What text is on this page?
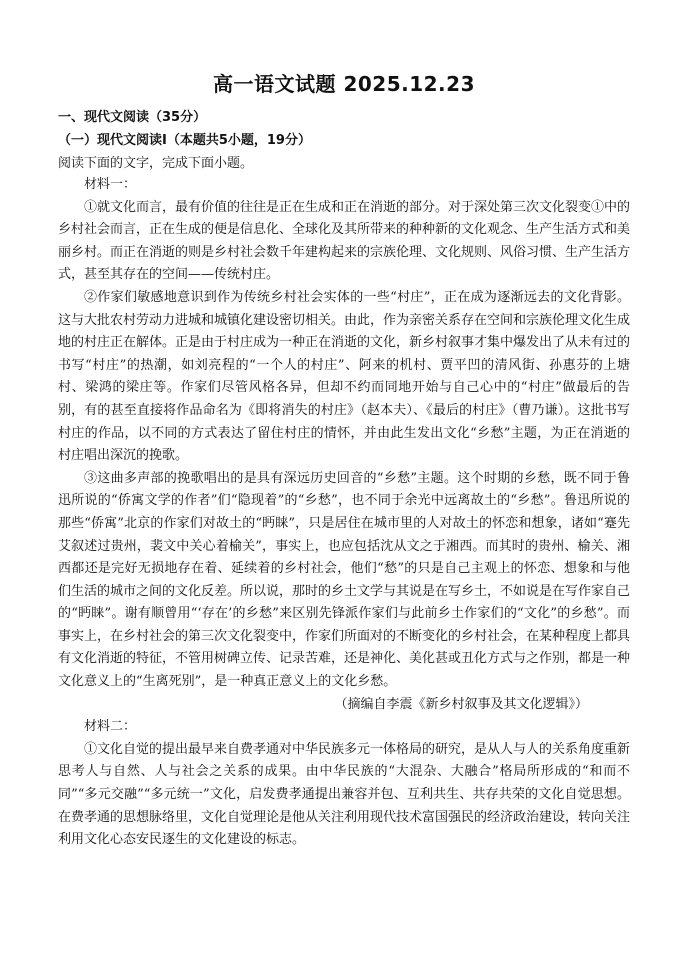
高一语文试题 2025.12.23
一、现代文阅读（35分）
（一）现代文阅读Ⅰ（本题共5小题，19分）
阅读下面的文字，完成下面小题。

材料一：

①就文化而言，最有价值的往往是正在生成和正在消逝的部分。对于深处第三次文化裂变①中的乡村社会而言，正在生成的便是信息化、全球化及其所带来的种种新的文化观念、生产生活方式和美丽乡村。而正在消逝的则是乡村社会数千年建构起来的宗族伦理、文化规则、风俗习惯、生产生活方式，甚至其存在的空间——传统村庄。

②作家们敏感地意识到作为传统乡村社会实体的一些“村庄”，正在成为逐渐远去的文化背影。这与大批农村劳动力进城和城镇化建设密切相关。由此，作为亲密关系存在空间和宗族伦理文化生成地的村庄正在解体。正是由于村庄成为一种正在消逝的文化，新乡村叙事才集中爆发出了从未有过的书写“村庄”的热潮，如刘亮程的“一个人的村庄”、阿来的机村、贾平凹的清风街、孙惠芬的上塘村、梁鸿的梁庄等。作家们尽管风格各异，但却不约而同地开始与自己心中的“村庄”做最后的告别，有的甚至直接将作品命名为《即将消失的村庄》（赵本夫）、《最后的村庄》（曹乃谦）。这批书写村庄的作品，以不同的方式表达了留住村庄的情怀，并由此生发出文化“乡愁”主题，为正在消逝的村庄唱出深沉的挽歌。

③这曲多声部的挽歌唱出的是具有深远历史回音的“乡愁”主题。这个时期的乡愁，既不同于鲁迅所说的“侨寓文学的作者”们“隐现着”的“乡愁”，也不同于余光中远离故土的“乡愁”。鲁迅所说的那些“侨寓”北京的作家们对故土的“眄睐”，只是居住在城市里的人对故土的怀恋和想象，诸如“蹇先艾叙述过贵州，裴文中关心着榆关”，事实上，也应包括沈从文之于湘西。而其时的贵州、榆关、湘西都还是完好无损地存在着、延续着的乡村社会，他们“愁”的只是自己主观上的怀恋、想象和与他们生活的城市之间的文化反差。所以说，那时的乡土文学与其说是在写乡土，不如说是在写作家自己的“眄睐”。谢有顺曾用“‘存在’的乡愁”来区别先锋派作家们与此前乡土作家们的“文化”的乡愁”。而事实上，在乡村社会的第三次文化裂变中，作家们所面对的不断变化的乡村社会，在某种程度上都具有文化消逝的特征，不管用树碑立传、记录苦难，还是神化、美化甚或丑化方式与之作别，都是一种文化意义上的“生离死别”，是一种真正意义上的文化乡愁。

（摘编自李震《新乡村叙事及其文化逻辑》）

材料二：

①文化自觉的提出最早来自费孝通对中华民族多元一体格局的研究，是从人与人的关系角度重新思考人与自然、人与社会之关系的成果。由中华民族的“大混杂、大融合”格局所形成的“和而不同”“多元交融”“多元统一”文化，启发费孝通提出兼容并包、互利共生、共存共荣的文化自觉思想。在费孝通的思想脉络里，文化自觉理论是他从关注利用现代技术富国强民的经济政治建设，转向关注利用文化心态安民逐生的文化建设的标志。
